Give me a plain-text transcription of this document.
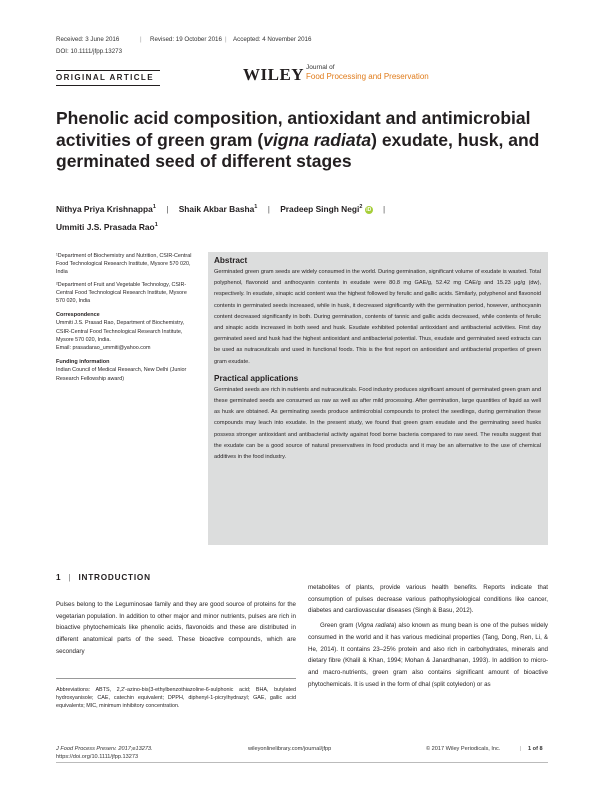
Received: 3 June 2016	| Revised: 19 October 2016 | Accepted: 4 November 2016
DOI: 10.1111/jfpp.13273
ORIGINAL ARTICLE	WILEY Journal of
Food Processing and Preservation
Phenolic acid composition, antioxidant and antimicrobial
activities of green gram (vigna radiata) exudate, husk, and
germinated seed of different stages
Nithya Priya Krishnappa$^1$ | Shaik Akbar Basha$^1$ | Pradeep Singh Negi$^2$ iD |
Ummiti J.S. Prasada Rao$^1$
¹Department of Biochemistry and Nutrition, CSIR-Central Food Technological Research Institute, Mysore 570 020, India
²Department of Fruit and Vegetable Technology, CSIR-Central Food Technological Research Institute, Mysore 570 020, India
Correspondence
Ummiti J.S. Prasad Rao, Department of Biochemistry, CSIR-Central Food Technological Research Institute, Mysore 570 020, India.
Email: prasadarao_ummiti@yahoo.com
Funding information
Indian Council of Medical Research, New Delhi (Junior Research Fellowship award)
Abstract

Germinated green gram seeds are widely consumed in the world. During germination, significant volume of exudate is wasted. Total polyphenol, flavonoid and anthocyanin contents in exudate were 80.8 mg GAE/g, 52.42 mg CAE/g and 15.23 μg/g (dw), respectively. In exudate, sinapic acid content was the highest followed by ferulic and gallic acids. Similarly, polyphenol and flavonoid contents in germinated seeds increased, while in husk, it decreased significantly with the germination period, however, anthocyanin content decreased significantly in both. During germination, contents of tannic and gallic acids decreased, while contents of ferulic and sinapic acids increased in both seed and husk. Exudate exhibited potential antioxidant and antibacterial activities. First day germinated seed and husk had the highest antioxidant and antibacterial potential. Thus, exudate and germinated seed extracts can be used as nutraceuticals and used in functional foods. This is the first report on antioxidant and antibacterial properties of green gram exudate.

Practical applications

Germinated seeds are rich in nutrients and nutraceuticals. Food industry produces significant amount of germinated green gram and these germinated seeds are consumed as raw as well as after mild processing. After germination, large quantities of liquid as well as husk are obtained. As germinating seeds produce antimicrobial compounds to protect the seedlings, during germination these compounds may leach into exudate. In the present study, we found that green gram exudate and the germinating seed husks possess stronger antioxidant and antibacterial activity against food borne bacteria compared to raw seed. The results suggest that the exudate can be a good source of natural preservatives in food products and it may be an alternative to the use of chemical additives in the food industry.

1 | INTRODUCTION
Pulses belong to the Leguminosae family and they are good source of proteins for the vegetarian population. In addition to other major and minor nutrients, pulses are rich in bioactive phytochemicals like phenolic acids, flavonoids and these are distributed in different anatomical parts of the seed. These bioactive compounds, which are secondary
metabolites of plants, provide various health benefits. Reports indicate that consumption of pulses decrease various pathophysiological conditions like cancer, diabetes and cardiovascular diseases (Singh & Basu, 2012).
Green gram (Vigna radiata) also known as mung bean is one of the pulses widely consumed in the world and it has various medicinal properties (Tang, Dong, Ren, Li, & He, 2014). It contains 23–25% protein and also rich in carbohydrates, minerals and dietary fibre (Khalil & Khan, 1994; Mohan & Janardhanan, 1993). In addition to micro- and macro-nutrients, green gram also contains significant amount of bioactive phytochemicals. It is used in the form of dhal (split cotyledon) or as
Abbreviations: ABTS, 2,2'-azino-bis(3-ethylbenzothiazoline-6-sulphonic acid; BHA, butylated hydroxyanisole; CAE, catechin equivalent; DPPH, diphenyl-1-picrylhydrazyl; GAE, gallic acid equivalents; MIC, minimum inhibitory concentration.
J Food Process Preserv. 2017;e13273.
https://doi.org/10.1111/jfpp.13273
wileyonlinelibrary.com/journal/jfpp	© 2017 Wiley Periodicals, Inc.	| 1 of 8
